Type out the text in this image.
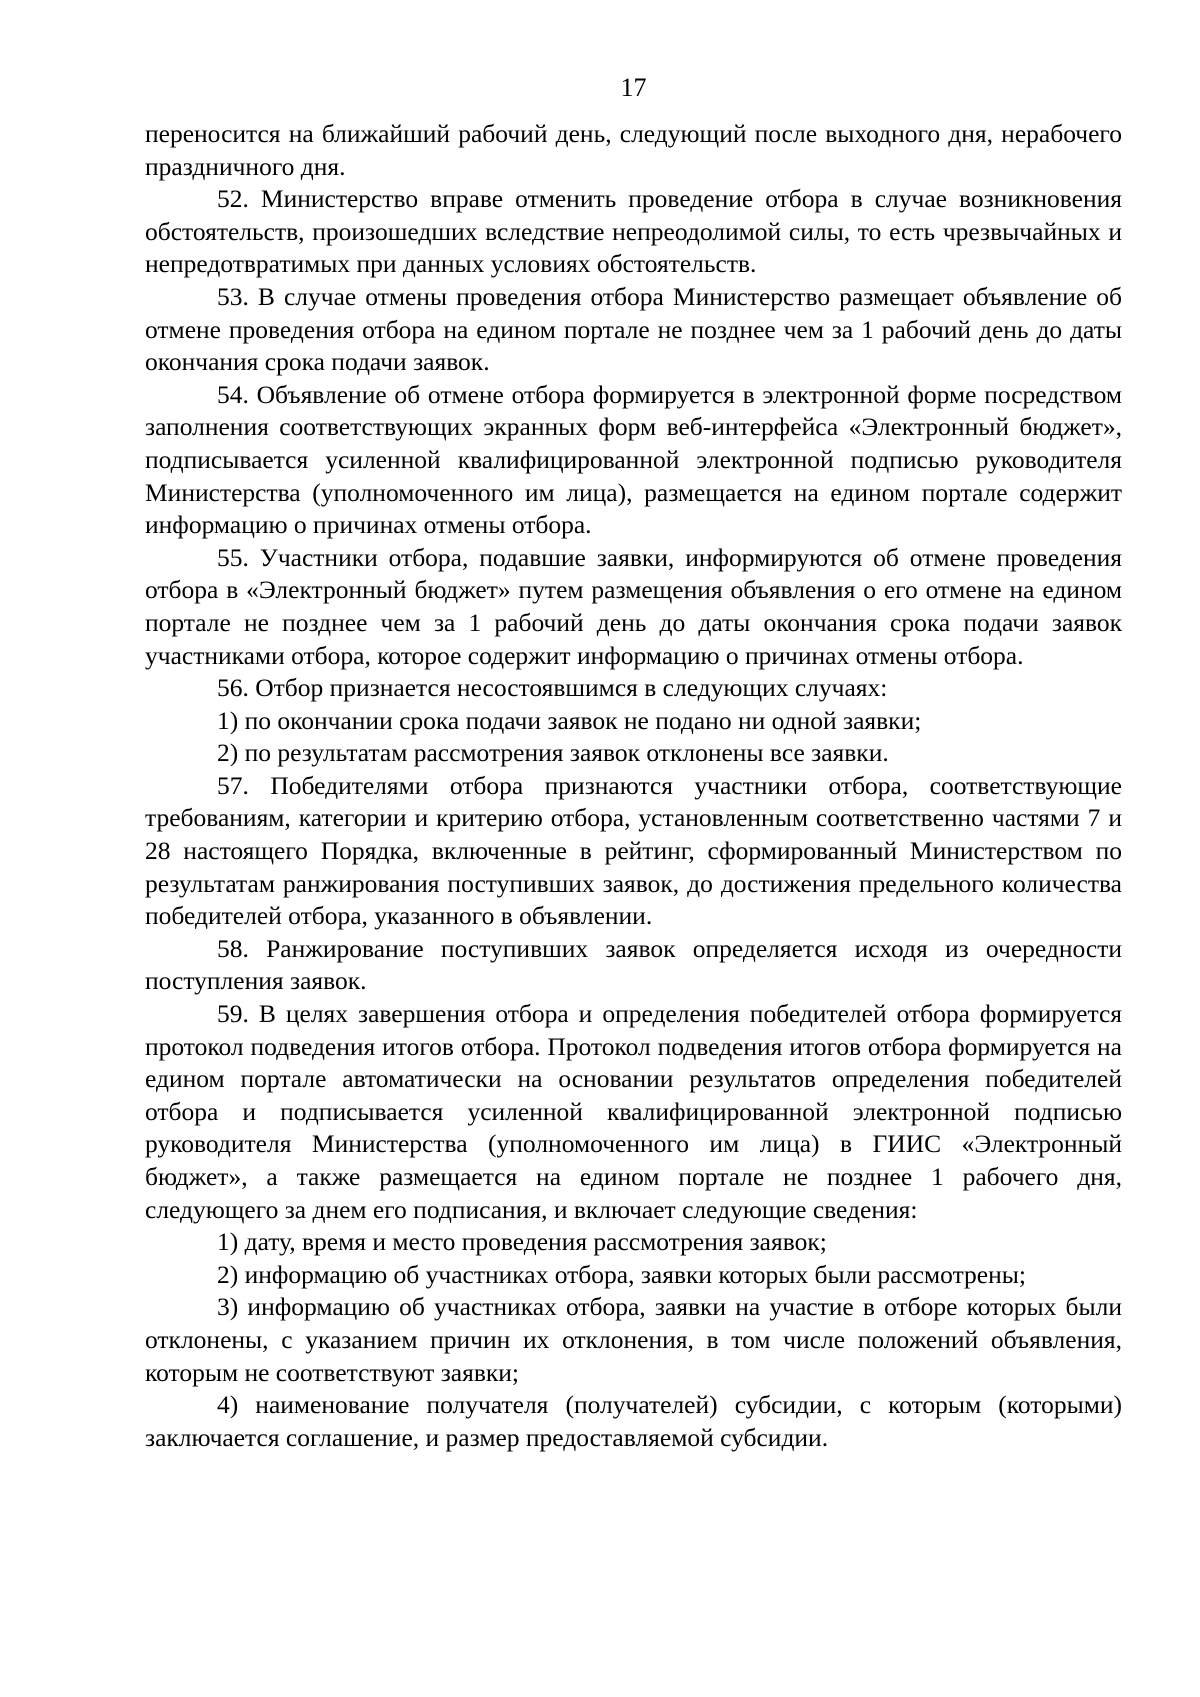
17

переносится на ближайший рабочий день, следующий после выходного дня, нерабочего праздничного дня.

52. Министерство вправе отменить проведение отбора в случае возникновения обстоятельств, произошедших вследствие непреодолимой силы, то есть чрезвычайных и непредотвратимых при данных условиях обстоятельств.

53. В случае отмены проведения отбора Министерство размещает объявление об отмене проведения отбора на едином портале не позднее чем за 1 рабочий день до даты окончания срока подачи заявок.

54. Объявление об отмене отбора формируется в электронной форме посредством заполнения соответствующих экранных форм веб-интерфейса «Электронный бюджет», подписывается усиленной квалифицированной электронной подписью руководителя Министерства (уполномоченного им лица), размещается на едином портале содержит информацию о причинах отмены отбора.

55. Участники отбора, подавшие заявки, информируются об отмене проведения отбора в «Электронный бюджет» путем размещения объявления о его отмене на едином портале не позднее чем за 1 рабочий день до даты окончания срока подачи заявок участниками отбора, которое содержит информацию о причинах отмены отбора.

56. Отбор признается несостоявшимся в следующих случаях:

1) по окончании срока подачи заявок не подано ни одной заявки;

2) по результатам рассмотрения заявок отклонены все заявки.

57. Победителями отбора признаются участники отбора, соответствующие требованиям, категории и критерию отбора, установленным соответственно частями 7 и 28 настоящего Порядка, включенные в рейтинг, сформированный Министерством по результатам ранжирования поступивших заявок, до достижения предельного количества победителей отбора, указанного в объявлении.

58. Ранжирование поступивших заявок определяется исходя из очередности поступления заявок.

59. В целях завершения отбора и определения победителей отбора формируется протокол подведения итогов отбора. Протокол подведения итогов отбора формируется на едином портале автоматически на основании результатов определения победителей отбора и подписывается усиленной квалифицированной электронной подписью руководителя Министерства (уполномоченного им лица) в ГИИС «Электронный бюджет», а также размещается на едином портале не позднее 1 рабочего дня, следующего за днем его подписания, и включает следующие сведения:

1) дату, время и место проведения рассмотрения заявок;

2) информацию об участниках отбора, заявки которых были рассмотрены;

3) информацию об участниках отбора, заявки на участие в отборе которых были отклонены, с указанием причин их отклонения, в том числе положений объявления, которым не соответствуют заявки;

4) наименование получателя (получателей) субсидии, с которым (которыми) заключается соглашение, и размер предоставляемой субсидии.
